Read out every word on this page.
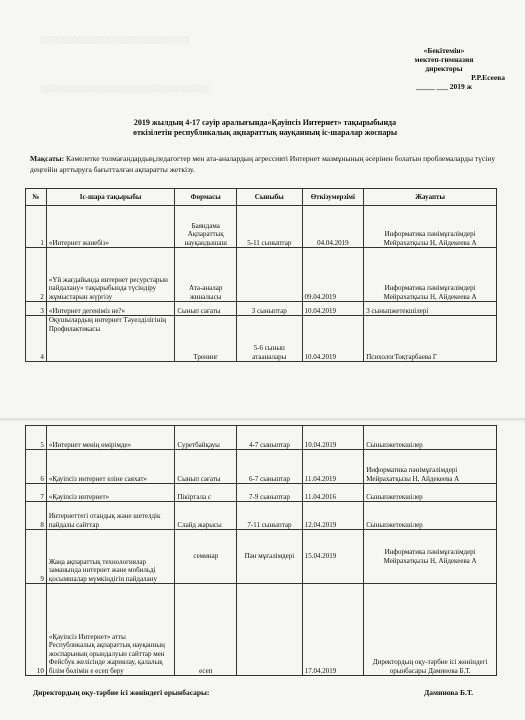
░░░░░░░░░░░░░░░░░░░░░░░░░░░░░░
░░░░░░░░░░░░░░░░░░░░░░░░░░░░░░░░░░
«Бекітемін»
мектеп-гимназия
директоры
Р.Р.Есеева
_____ ___ 2019 ж
2019 жылдың 4-17 сәуір аралығында«Қауіпсіз Интернет» тақырыбында
өткізілетін республикалық ақпараттық науқанның іс-шаралар жоспары
Мақсаты: Кәмелетке толмағандардың,педагогтер мен ата-аналардың агрессивті Интернет мазмұнының әсерінен болатын проблемаларды түсіну деңгейін арттыруға бағытталған ақпаратты жеткізу.
№	Іс-шара тақырыбы	Формасы	Сыныбы	Өткізумерзімі	Жауапты
1	«Интернет жәнебіз»	Баяндама Ақпараттық науқандышаш	5-11 сыныптар	04.04.2019	Информатика пәнімұғалімдері Мейрахатқызы Н, Айдекеева А
2	«Үй жағдайында интернет ресурстарын пайдалану» тақырыбында түсіндіру жұмыстарын жүргізу	Ата-аналар жиналысы		09.04.2019	Информатика пәнімұғалімдері Мейрахатқызы Н, Айдекеева А
3	«Интернет дегеніміз не?»	Сынып сағаты	3 сыныптар	10.04.2019	3 сыныпжетекшілері
4	Оқушылардың интернет Тәуелділігінің Профилактикасы	Тренинг	5-6 сынып атааналары	10.04.2019	ПсихологТоқтарбаева Г
5	«Интернет менің өмірімде»	Суретбайқауы	4-7 сыныптар	10.04.2019	Сыныпжетекшілер
6	«Қауіпсіз интернет еліне саяхат»	Сынып сағаты	6-7 сыныптар	11.04.2019	Информатика пәнімұғалімдері Мейрахатқызы Н, Айдекеева А
7	«Қауіпсіз интернет»	Пікіртала с	7-9 сыныптар	11.04.2016	Сыныпжетекшілер
8	Интернеттегі отандық және шетелдік пайдалы сайттар	Слайд жарысы	7-11 сыныптар	12.04.2019	Сыныпжетекшілер
9	Жаңа ақпараттық технологиялар заманында интернет және мобильді қосымшалар мүмкіндігін пайдалану	семинар	Пән мұғалімдері	15.04.2019	Информатика пәнімұғалімдері Мейрахатқызы Н, Айдекеева А
10	«Қауіпсіз Интернет» атты Республикалық ақпараттық науқанның жоспарының орындалуын сайттар мен Фейсбук желісінде жариялау, қалалық білім бөлімін е есеп беру	есеп		17.04.2019	Директордың оқу-тәрбие ісі жөніндегі орынбасары Даминова Б.Т.
Директордың оқу-тәрбие ісі жөніндегі орынбасары:	Даминова Б.Т.
